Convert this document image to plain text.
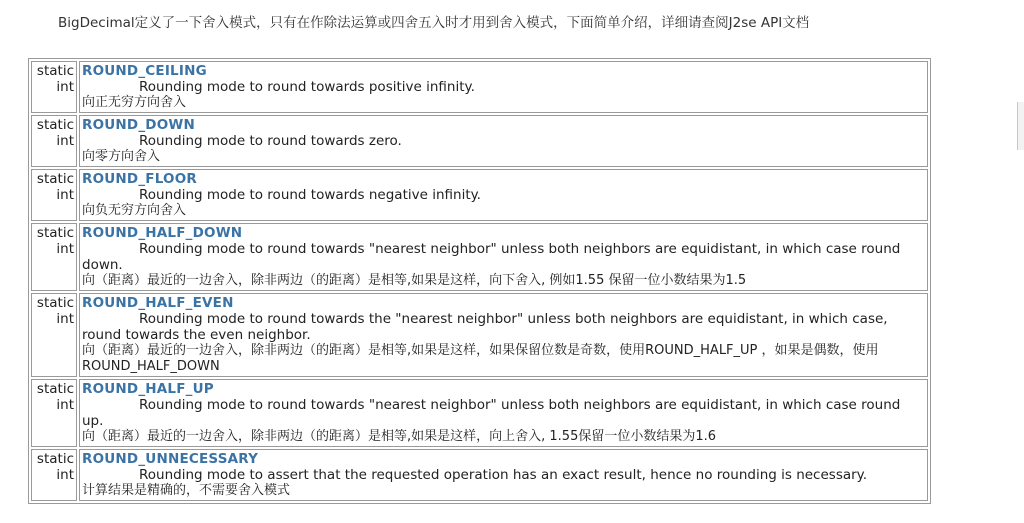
BigDecimal定义了一下舍入模式，只有在作除法运算或四舍五入时才用到舍入模式，下面简单介绍，详细请查阅J2se API文档
static
int	ROUND_CEILING
Rounding mode to round towards positive infinity.
向正无穷方向舍入

static
int	ROUND_DOWN
Rounding mode to round towards zero.
向零方向舍入

static
int	ROUND_FLOOR
Rounding mode to round towards negative infinity.
向负无穷方向舍入

static
int	ROUND_HALF_DOWN
Rounding mode to round towards "nearest neighbor" unless both neighbors are equidistant, in which case round down.
向（距离）最近的一边舍入，除非两边（的距离）是相等,如果是这样，向下舍入, 例如1.55 保留一位小数结果为1.5

static
int	ROUND_HALF_EVEN
Rounding mode to round towards the "nearest neighbor" unless both neighbors are equidistant, in which case, round towards the even neighbor.
向（距离）最近的一边舍入，除非两边（的距离）是相等,如果是这样，如果保留位数是奇数，使用ROUND_HALF_UP ，如果是偶数，使用ROUND_HALF_DOWN

static
int	ROUND_HALF_UP
Rounding mode to round towards "nearest neighbor" unless both neighbors are equidistant, in which case round up.
向（距离）最近的一边舍入，除非两边（的距离）是相等,如果是这样，向上舍入, 1.55保留一位小数结果为1.6

static
int	ROUND_UNNECESSARY
Rounding mode to assert that the requested operation has an exact result, hence no rounding is necessary.
计算结果是精确的，不需要舍入模式
